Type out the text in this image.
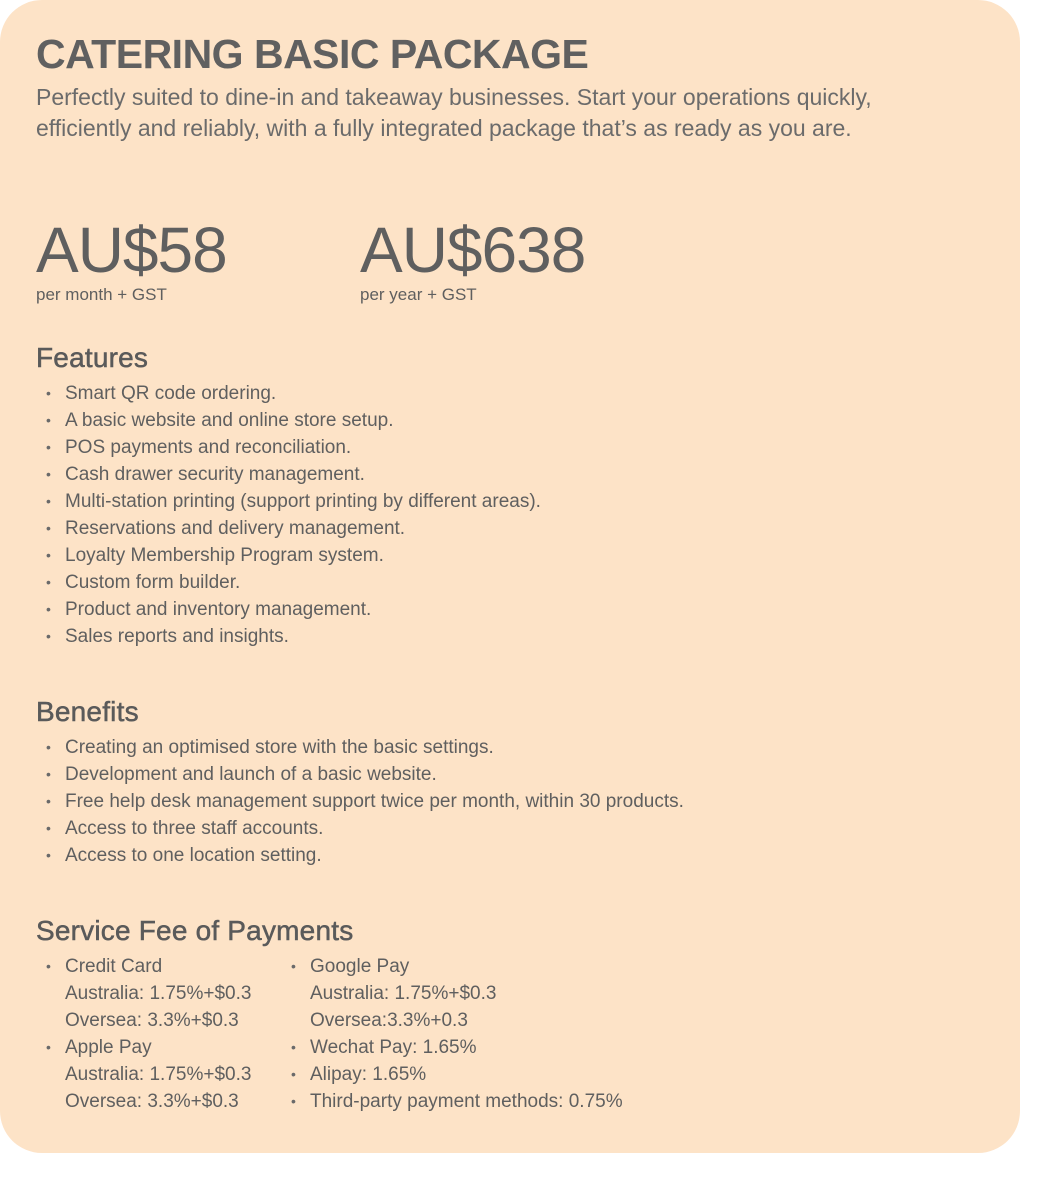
CATERING BASIC PACKAGE

Perfectly suited to dine-in and takeaway businesses. Start your operations quickly, efficiently and reliably, with a fully integrated package that’s as ready as you are.

AU$58
per month + GST
AU$638
per year + GST
Features
• Smart QR code ordering.
• A basic website and online store setup.
• POS payments and reconciliation.
• Cash drawer security management.
• Multi-station printing (support printing by different areas).
• Reservations and delivery management.
• Loyalty Membership Program system.
• Custom form builder.
• Product and inventory management.
• Sales reports and insights.
Benefits
• Creating an optimised store with the basic settings.
• Development and launch of a basic website.
• Free help desk management support twice per month, within 30 products.
• Access to three staff accounts.
• Access to one location setting.
Service Fee of Payments
• Credit Card
Australia: 1.75%+$0.3
Oversea: 3.3%+$0.3
• Apple Pay
Australia: 1.75%+$0.3
Oversea: 3.3%+$0.3
• Google Pay
Australia: 1.75%+$0.3
Oversea:3.3%+0.3
• Wechat Pay: 1.65%
• Alipay: 1.65%
• Third-party payment methods: 0.75%
